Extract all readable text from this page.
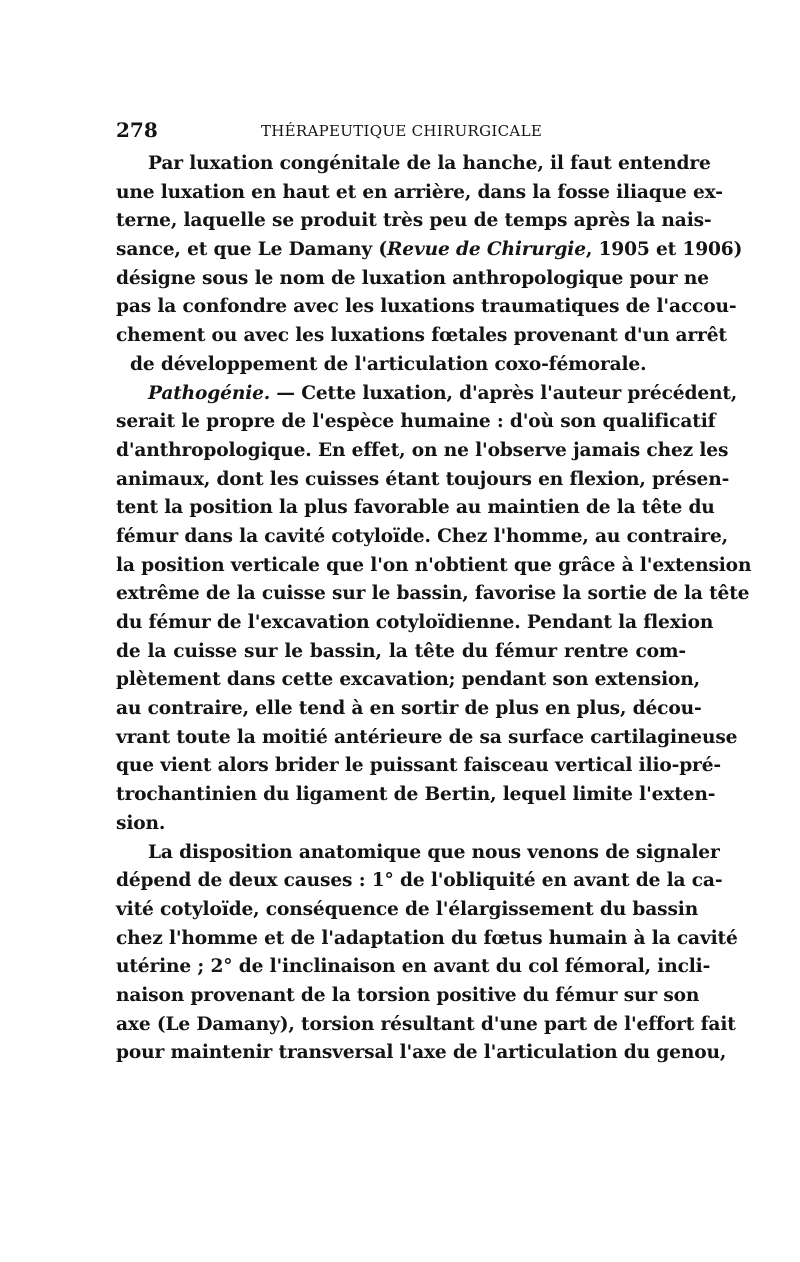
278	THÉRAPEUTIQUE CHIRURGICALE
Par luxation congénitale de la hanche, il faut entendre
une luxation en haut et en arrière, dans la fosse iliaque ex-
terne, laquelle se produit très peu de temps après la nais-
sance, et que Le Damany (Revue de Chirurgie, 1905 et 1906)
désigne sous le nom de luxation anthropologique pour ne
pas la confondre avec les luxations traumatiques de l'accou-
chement ou avec les luxations fœtales provenant d'un arrêt
de développement de l'articulation coxo-fémorale.
Pathogénie. — Cette luxation, d'après l'auteur précédent,
serait le propre de l'espèce humaine : d'où son qualificatif
d'anthropologique. En effet, on ne l'observe jamais chez les
animaux, dont les cuisses étant toujours en flexion, présen-
tent la position la plus favorable au maintien de la tête du
fémur dans la cavité cotyloïde. Chez l'homme, au contraire,
la position verticale que l'on n'obtient que grâce à l'extension
extrême de la cuisse sur le bassin, favorise la sortie de la tête
du fémur de l'excavation cotyloïdienne. Pendant la flexion
de la cuisse sur le bassin, la tête du fémur rentre com-
plètement dans cette excavation; pendant son extension,
au contraire, elle tend à en sortir de plus en plus, décou-
vrant toute la moitié antérieure de sa surface cartilagineuse
que vient alors brider le puissant faisceau vertical ilio-pré-
trochantinien du ligament de Bertin, lequel limite l'exten-
sion.
La disposition anatomique que nous venons de signaler
dépend de deux causes : 1° de l'obliquité en avant de la ca-
vité cotyloïde, conséquence de l'élargissement du bassin
chez l'homme et de l'adaptation du fœtus humain à la cavité
utérine ; 2° de l'inclinaison en avant du col fémoral, incli-
naison provenant de la torsion positive du fémur sur son
axe (Le Damany), torsion résultant d'une part de l'effort fait
pour maintenir transversal l'axe de l'articulation du genou,
